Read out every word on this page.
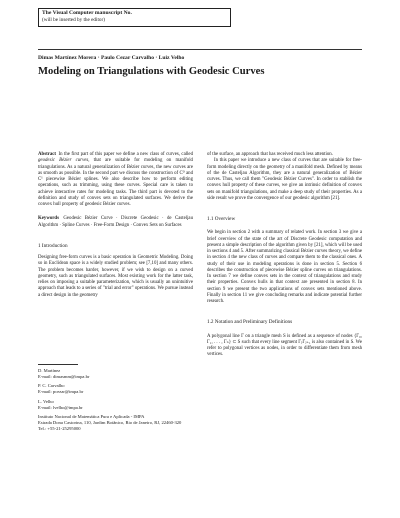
The Visual Computer manuscript No.
(will be inserted by the editor)
Dimas Martínez Morera · Paulo Cezar Carvalho · Luiz Velho
Modeling on Triangulations with Geodesic Curves

Abstract In the first part of this paper we define a new class of curves, called geodesic Bézier curves, that are suitable for modeling on manifold triangulations. As a natural generalization of Bézier curves, the new curves are as smooth as possible. In the second part we discuss the construction of C⁰ and C¹ piecewise Bézier splines. We also describe how to perform editing operations, such as trimming, using these curves. Special care is taken to achieve interactive rates for modeling tasks. The third part is devoted to the definition and study of convex sets on triangulated surfaces. We derive the convex hull property of geodesic Bézier curves.

Keywords Geodesic Bézier Curve · Discrete Geodesic · de Casteljau Algorithm · Spline Curves · Free-Form Design · Convex Sets on Surfaces

1 Introduction

Designing free-form curves is a basic operation in Geometric Modeling. Doing so in Euclidean space is a widely studied problem; see [7,10] and many others. The problem becomes harder, however, if we wish to design on a curved geometry, such as triangulated surfaces. Most existing work for the latter task, relies on imposing a suitable parameterization, which is usually an unintuitive approach that leads to a series of "trial and error" operations. We pursue instead a direct design in the geometry

D. Martínez

E-mail: dimasmm@impa.br

P. C. Carvalho

E-mail: pcezar@impa.br

L. Velho

E-mail: lvelho@impa.br

Instituto Nacional de Matemática Pura e Aplicada - IMPA

Estrada Dona Castorina, 110, Jardim Botânico, Rio de Janeiro, RJ, 22460-320

Tel.: +55-21-25295000

of the surface, an approach that has received much less attention.

In this paper we introduce a new class of curves that are suitable for free-form modeling directly on the geometry of a manifold mesh. Defined by means of the de Casteljau Algorithm, they are a natural generalization of Bézier curves. Thus, we call them "Geodesic Bézier Curves". In order to stablish the convex hull property of these curves, we give an intrinsic definition of convex sets on manifold triangulations, and make a deep study of their properties. As a side result we prove the convergence of our geodesic algorithm [21].

1.1 Overview

We begin in section 2 with a summary of related work. In section 3 we give a brief overview of the state of the art of Discrete Geodesic computation and present a simple description of the algorithm given by [21], which will be used in sections 4 and 5. After summarizing classical Bézier curves theory, we define in section 4 the new class of curves and compare them to the classical ones. A study of their use in modeling operations is done in section 5. Section 6 describes the construction of piecewise Bézier spline curves on triangulations. In section 7 we define convex sets in the context of triangulations and study their properties. Convex hulls in that context are presented in section 8. In section 9 we present the two applications of convex sets mentioned above. Finally in section 11 we give concluding remarks and indicate potential further research.

1.2 Notation and Preliminary Definitions

A polygonal line Γ on a triangle mesh S is defined as a sequence of nodes {Γ₀, Γ₁, . . . , Γₙ} ⊂ S such that every line segment ΓⱼΓⱼ₊₁ is also contained in S. We refer to polygonal vertices as nodes, in order to differentiate them from mesh vertices.
